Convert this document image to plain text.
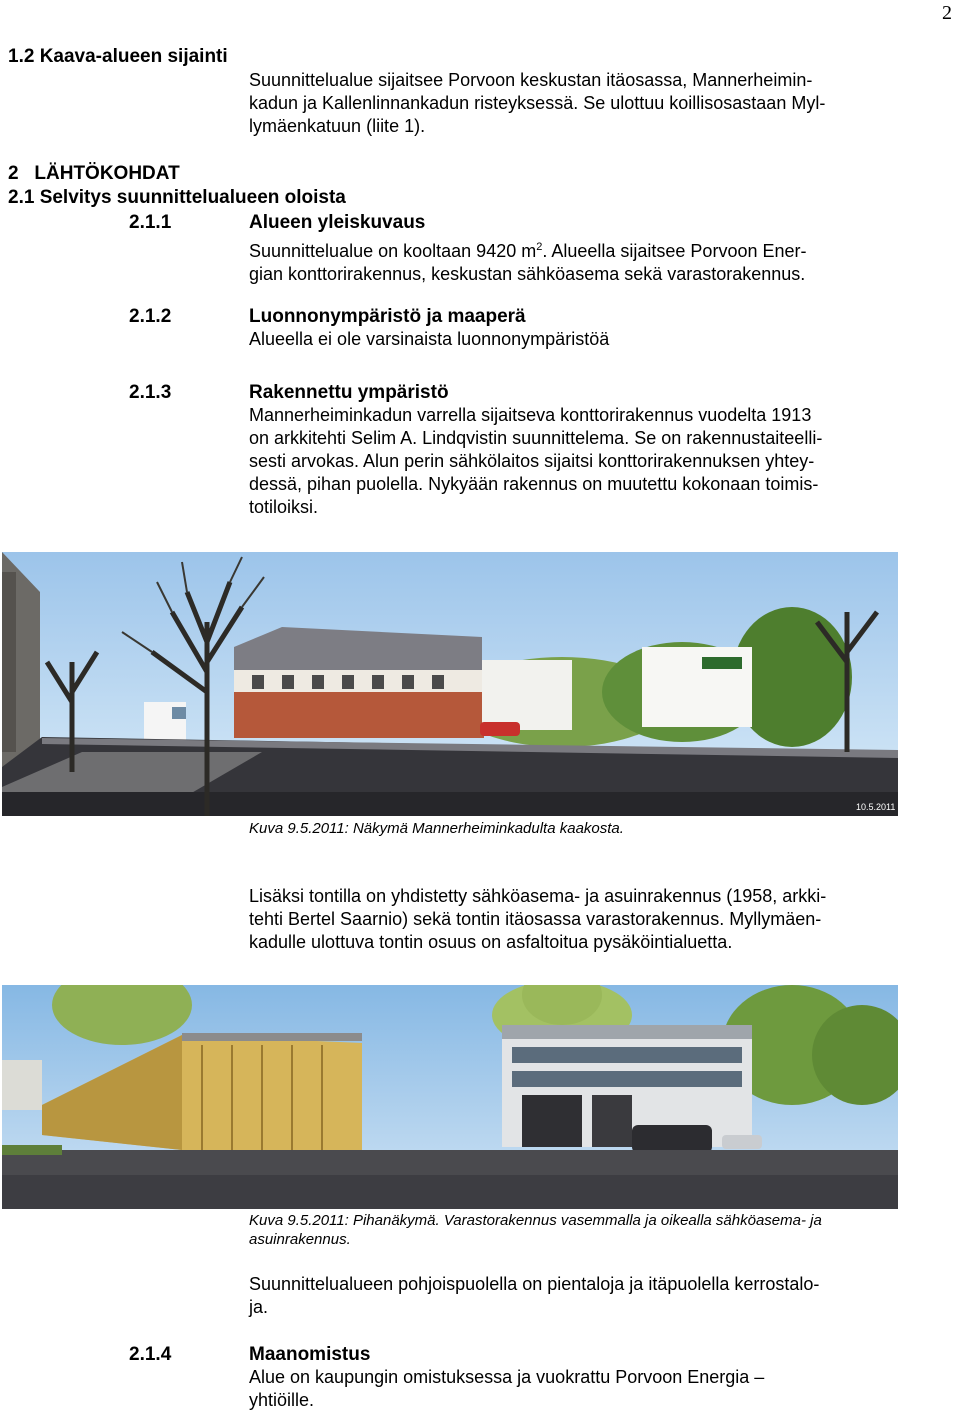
2
1.2 Kaava-alueen sijainti
Suunnittelualue sijaitsee Porvoon keskustan itäosassa, Mannerheimin-
kadun ja Kallenlinnankadun risteyksessä. Se ulottuu koillisosastaan Myl-
lymäenkatuun (liite 1).
2   LÄHTÖKOHDAT
2.1 Selvitys suunnittelualueen oloista
2.1.1	Alueen yleiskuvaus
Suunnittelualue on kooltaan 9420 $m^2$. Alueella sijaitsee Porvoon Ener-
gian konttorirakennus, keskustan sähköasema sekä varastorakennus.
2.1.2	Luonnonympäristö ja maaperä
Alueella ei ole varsinaista luonnonympäristöä
2.1.3	Rakennettu ympäristö
Mannerheiminkadun varrella sijaitseva konttorirakennus vuodelta 1913
on arkkitehti Selim A. Lindqvistin suunnittelema. Se on rakennustaiteelli-
sesti arvokas. Alun perin sähkölaitos sijaitsi konttorirakennuksen yhtey-
dessä, pihan puolella. Nykyään rakennus on muutettu kokonaan toimis-
totiloiksi.
10.5.2011
Kuva 9.5.2011: Näkymä Mannerheiminkadulta kaakosta.
Lisäksi tontilla on yhdistetty sähköasema- ja asuinrakennus (1958, arkki-
tehti Bertel Saarnio) sekä tontin itäosassa varastorakennus. Myllymäen-
kadulle ulottuva tontin osuus on asfaltoitua pysäköintialuetta.
Kuva 9.5.2011: Pihanäkymä. Varastorakennus vasemmalla ja oikealla sähköasema- ja
asuinrakennus.
Suunnittelualueen pohjoispuolella on pientaloja ja itäpuolella kerrostalo-
ja.
2.1.4	Maanomistus
Alue on kaupungin omistuksessa ja vuokrattu Porvoon Energia –
yhtiöille.
